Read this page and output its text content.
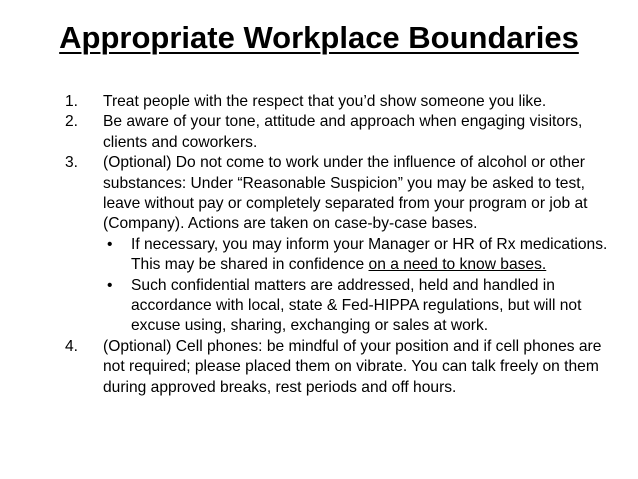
Appropriate Workplace Boundaries
1. Treat people with the respect that you’d show someone you like.
2. Be aware of your tone, attitude and approach when engaging visitors, clients and coworkers.
3. (Optional) Do not come to work under the influence of alcohol or other substances: Under “Reasonable Suspicion” you may be asked to test, leave without pay or completely separated from your program or job at (Company). Actions are taken on case-by-case bases.
• If necessary, you may inform your Manager or HR of Rx medications. This may be shared in confidence on a need to know bases.
• Such confidential matters are addressed, held and handled in accordance with local, state & Fed-HIPPA regulations, but will not excuse using, sharing, exchanging or sales at work.
4. (Optional) Cell phones: be mindful of your position and if cell phones are not required; please placed them on vibrate. You can talk freely on them during approved breaks, rest periods and off hours.
